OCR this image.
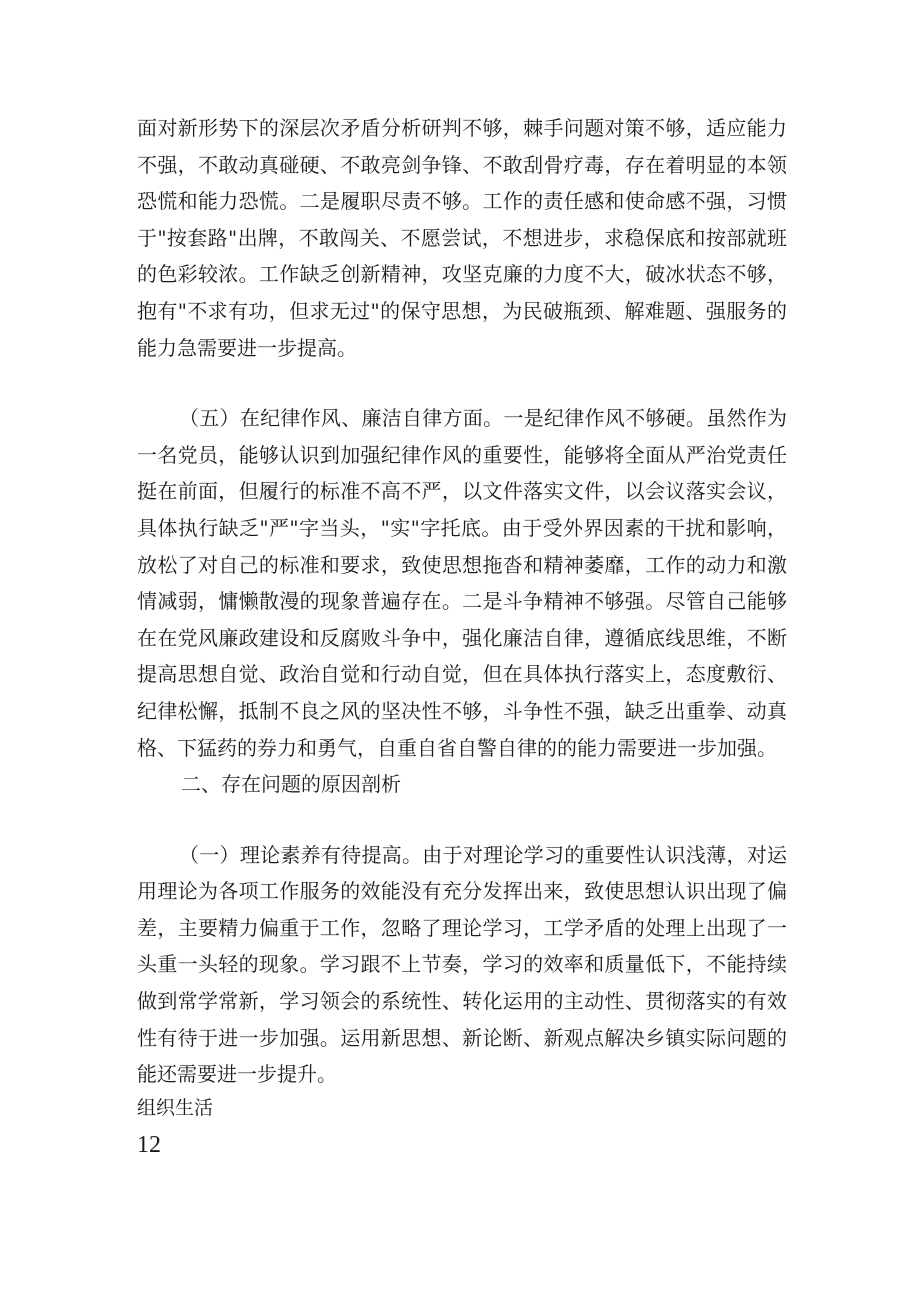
面对新形势下的深层次矛盾分析研判不够，棘手问题对策不够，适应能力不强，不敢动真碰硬、不敢亮剑争锋、不敢刮骨疗毒，存在着明显的本领恐慌和能力恐慌。二是履职尽责不够。工作的责任感和使命感不强，习惯于"按套路"出牌，不敢闯关、不愿尝试，不想进步，求稳保底和按部就班的色彩较浓。工作缺乏创新精神，攻坚克廉的力度不大，破冰状态不够，抱有"不求有功，但求无过"的保守思想，为民破瓶颈、解难题、强服务的能力急需要进一步提高。

（五）在纪律作风、廉洁自律方面。一是纪律作风不够硬。虽然作为一名党员，能够认识到加强纪律作风的重要性，能够将全面从严治党责任挺在前面，但履行的标准不高不严，以文件落实文件，以会议落实会议，具体执行缺乏"严"字当头，"实"字托底。由于受外界因素的干扰和影响，放松了对自己的标准和要求，致使思想拖沓和精神萎靡，工作的动力和激情减弱，慵懒散漫的现象普遍存在。二是斗争精神不够强。尽管自己能够在在党风廉政建设和反腐败斗争中，强化廉洁自律，遵循底线思维，不断提高思想自觉、政治自觉和行动自觉，但在具体执行落实上，态度敷衍、纪律松懈，抵制不良之风的坚决性不够，斗争性不强，缺乏出重拳、动真格、下猛药的券力和勇气，自重自省自警自律的的能力需要进一步加强。

二、存在问题的原因剖析

（一）理论素养有待提高。由于对理论学习的重要性认识浅薄，对运用理论为各项工作服务的效能没有充分发挥出来，致使思想认识出现了偏差，主要精力偏重于工作，忽略了理论学习，工学矛盾的处理上出现了一头重一头轻的现象。学习跟不上节奏，学习的效率和质量低下，不能持续做到常学常新，学习领会的系统性、转化运用的主动性、贯彻落实的有效性有待于进一步加强。运用新思想、新论断、新观点解决乡镇实际问题的能还需要进一步提升。

组织生活
12
